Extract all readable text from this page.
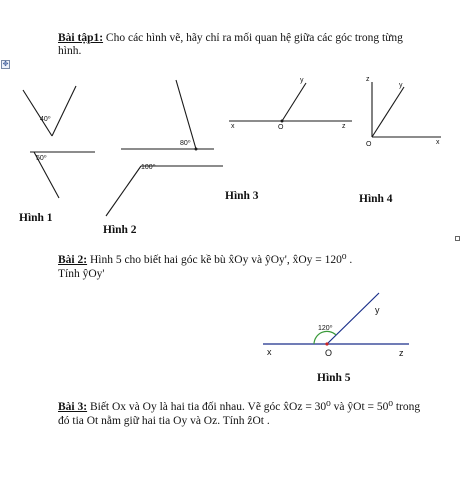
✥
Bài tập1: Cho các hình vẽ, hãy chỉ ra mối quan hệ giữa các góc trong từng
hình.
40⁰
50⁰
Hình 1
80⁰
100⁰
Hình 2
x	O	z
y
Hình 3
z
y
O	x
Hình 4
Bài 2: Hình 5 cho biết hai góc kề bù x̂Oy và ŷOy', x̂Oy = 120⁰ .
Tính ŷOy'
120⁰
x	O	z
y
Hình 5
Bài 3: Biết Ox và Oy là hai tia đối nhau. Vẽ góc x̂Oz = 30⁰ và ŷOt = 50⁰ trong
đó tia Ot nằm giữ hai tia Oy và Oz. Tính ẑOt .
